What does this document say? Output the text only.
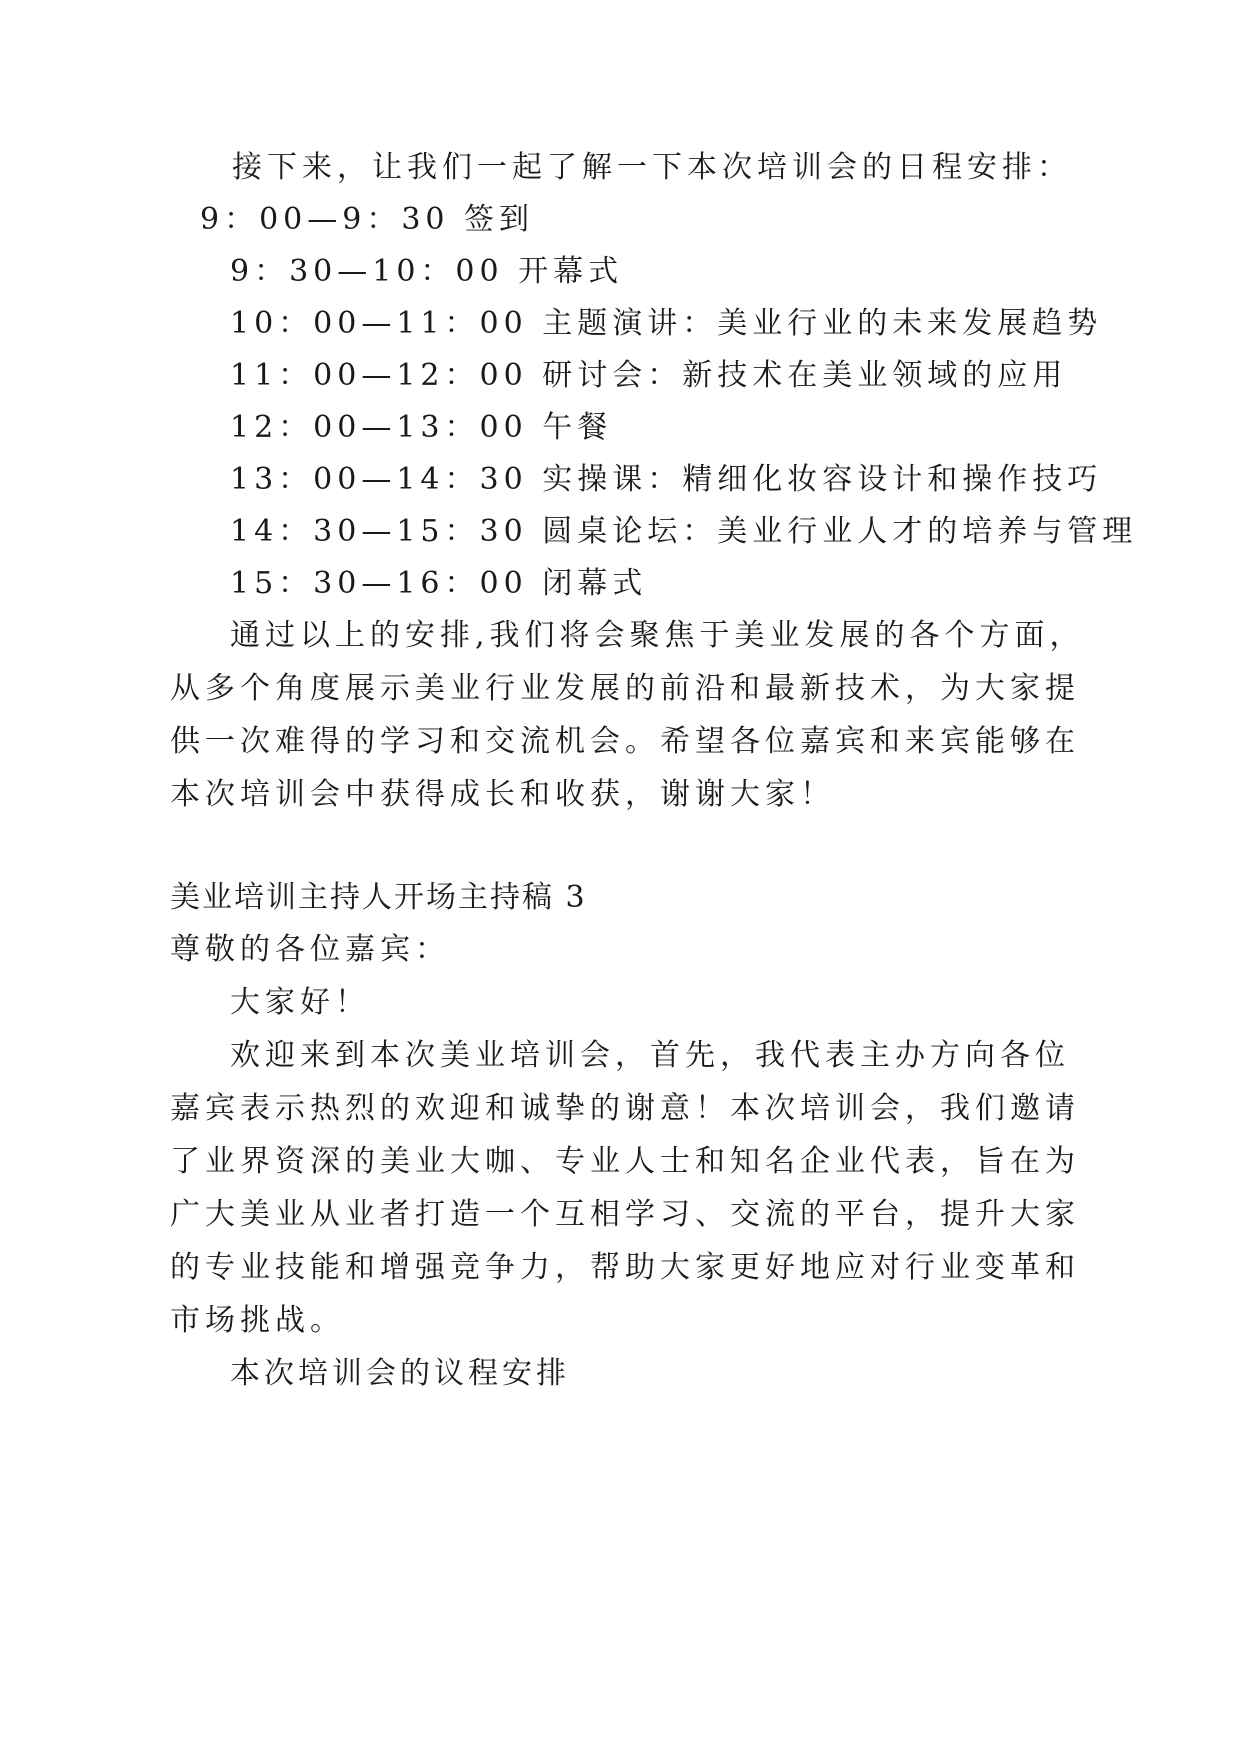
接下来，让我们一起了解一下本次培训会的日程安排：
9：00—9：30 签到
9：30—10：00 开幕式
10：00—11：00 主题演讲：美业行业的未来发展趋势
11：00—12：00 研讨会：新技术在美业领域的应用
12：00—13：00 午餐
13：00—14：30 实操课：精细化妆容设计和操作技巧
14：30—15：30 圆桌论坛：美业行业人才的培养与管理
15：30—16：00 闭幕式
通过以上的安排,我们将会聚焦于美业发展的各个方面，
从多个角度展示美业行业发展的前沿和最新技术，为大家提
供一次难得的学习和交流机会。希望各位嘉宾和来宾能够在
本次培训会中获得成长和收获，谢谢大家！
美业培训主持人开场主持稿 3
尊敬的各位嘉宾：
大家好！
欢迎来到本次美业培训会，首先，我代表主办方向各位
嘉宾表示热烈的欢迎和诚挚的谢意！本次培训会，我们邀请
了业界资深的美业大咖、专业人士和知名企业代表，旨在为
广大美业从业者打造一个互相学习、交流的平台，提升大家
的专业技能和增强竞争力，帮助大家更好地应对行业变革和
市场挑战。
本次培训会的议程安排
